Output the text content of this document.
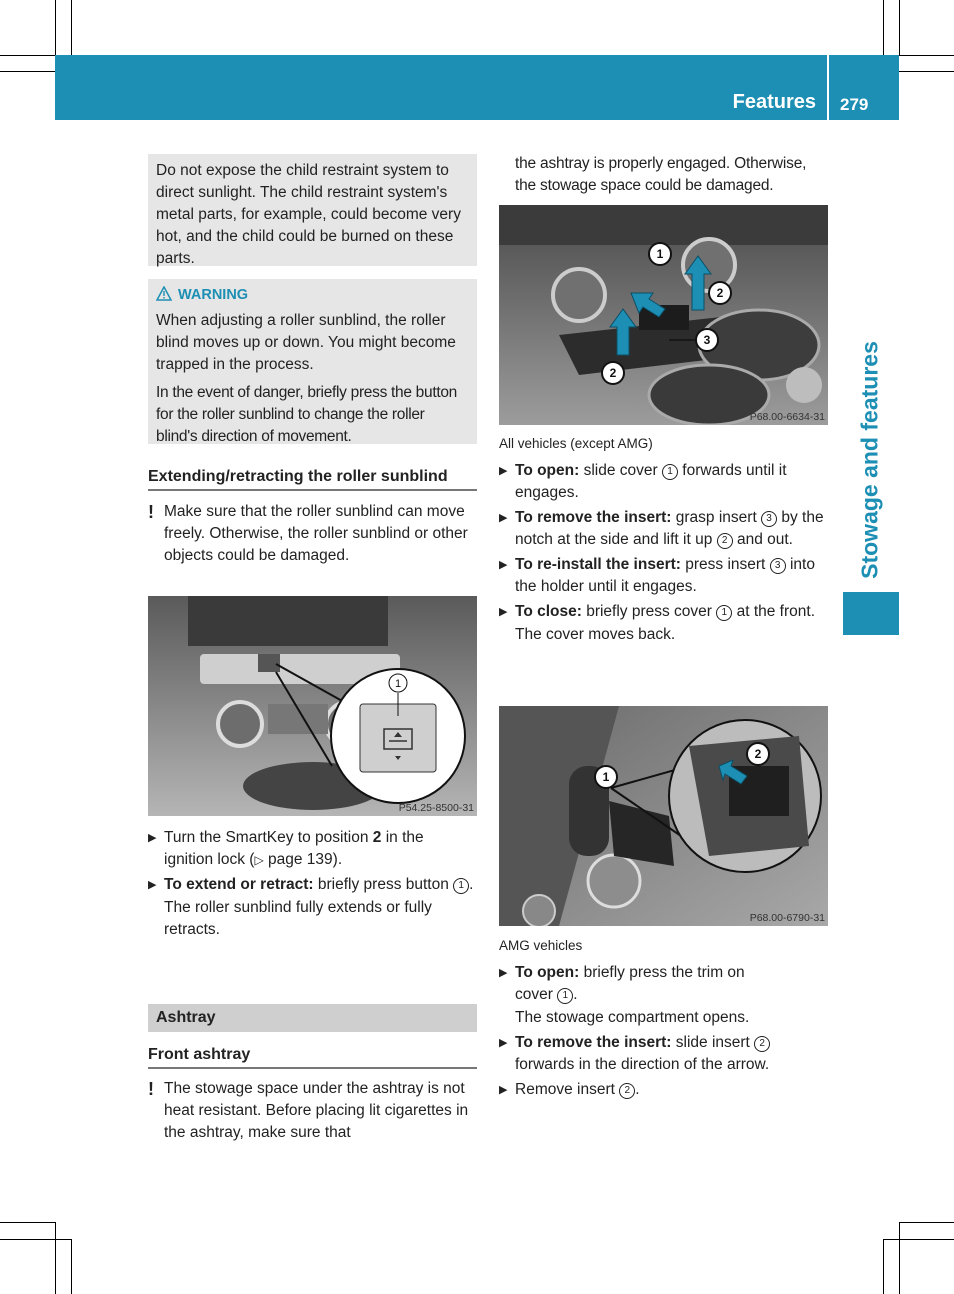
Features 279
Stowage and features

Do not expose the child restraint system to direct sunlight. The child restraint system's metal parts, for example, could become very hot, and the child could be burned on these parts.

WARNING

When adjusting a roller sunblind, the roller blind moves up or down. You might become trapped in the process.

In the event of danger, briefly press the button for the roller sunblind to change the roller blind's direction of movement.

Extending/retracting the roller sunblind
! Make sure that the roller sunblind can move freely. Otherwise, the roller sunblind or other objects could be damaged.
1
P54.25-8500-31
▶ Turn the SmartKey to position 2 in the ignition lock (▷ page 139).
▶ To extend or retract: briefly press button 1 .
The roller sunblind fully extends or fully retracts.
Ashtray
Front ashtray
! The stowage space under the ashtray is not heat resistant. Before placing lit cigarettes in the ashtray, make sure that
the ashtray is properly engaged. Otherwise, the stowage space could be damaged.
1
2
3
2
P68.00-6634-31
All vehicles (except AMG)
▶ To open: slide cover 1 forwards until it engages.
▶ To remove the insert: grasp insert 3 by the notch at the side and lift it up 2 and out.
▶ To re-install the insert: press insert 3 into the holder until it engages.
▶ To close: briefly press cover 1 at the front.
The cover moves back.
1
2
P68.00-6790-31
AMG vehicles
▶ To open: briefly press the trim on cover 1 .
The stowage compartment opens.
▶ To remove the insert: slide insert 2 forwards in the direction of the arrow.
▶ Remove insert 2 .
